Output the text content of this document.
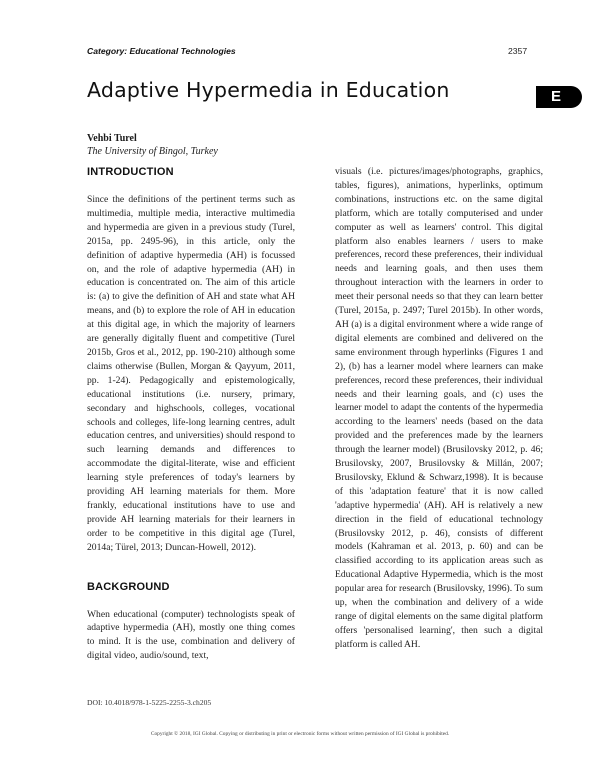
Category: Educational Technologies	2357
Adaptive Hypermedia in Education	E
Vehbi Turel
The University of Bingol, Turkey
INTRODUCTION

Since the definitions of the pertinent terms such as multimedia, multiple media, interactive multimedia and hypermedia are given in a previous study (Turel, 2015a, pp. 2495-96), in this article, only the definition of adaptive hypermedia (AH) is focussed on, and the role of adaptive hypermedia (AH) in education is concentrated on. The aim of this article is: (a) to give the definition of AH and state what AH means, and (b) to explore the role of AH in education at this digital age, in which the majority of learners are generally digitally fluent and competitive (Turel 2015b, Gros et al., 2012, pp. 190-210) although some claims otherwise (Bullen, Morgan & Qayyum, 2011, pp. 1-24). Pedagogically and epistemologically, educational institutions (i.e. nursery, primary, secondary and highschools, colleges, vocational schools and colleges, life-long learning centres, adult education centres, and universities) should respond to such learning demands and differences to accommodate the digital-literate, wise and efficient learning style preferences of today's learners by providing AH learning materials for them. More frankly, educational institutions have to use and provide AH learning materials for their learners in order to be competitive in this digital age (Turel, 2014a; Türel, 2013; Duncan-Howell, 2012).

BACKGROUND

When educational (computer) technologists speak of adaptive hypermedia (AH), mostly one thing comes to mind. It is the use, combination and delivery of digital video, audio/sound, text,

visuals (i.e. pictures/images/photographs, graphics, tables, figures), animations, hyperlinks, optimum combinations, instructions etc. on the same digital platform, which are totally computerised and under computer as well as learners' control. This digital platform also enables learners / users to make preferences, record these preferences, their individual needs and learning goals, and then uses them throughout interaction with the learners in order to meet their personal needs so that they can learn better (Turel, 2015a, p. 2497; Turel 2015b). In other words, AH (a) is a digital environment where a wide range of digital elements are combined and delivered on the same environment through hyperlinks (Figures 1 and 2), (b) has a learner model where learners can make preferences, record these preferences, their individual needs and their learning goals, and (c) uses the learner model to adapt the contents of the hypermedia according to the learners' needs (based on the data provided and the preferences made by the learners through the learner model) (Brusilovsky 2012, p. 46; Brusilovsky, 2007, Brusilovsky & Millán, 2007; Brusilovsky, Eklund & Schwarz,1998). It is because of this 'adaptation feature' that it is now called 'adaptive hypermedia' (AH). AH is relatively a new direction in the field of educational technology (Brusilovsky 2012, p. 46), consists of different models (Kahraman et al. 2013, p. 60) and can be classified according to its application areas such as Educational Adaptive Hypermedia, which is the most popular area for research (Brusilovsky, 1996). To sum up, when the combination and delivery of a wide range of digital elements on the same digital platform offers 'personalised learning', then such a digital platform is called AH.

DOI: 10.4018/978-1-5225-2255-3.ch205
Copyright © 2018, IGI Global. Copying or distributing in print or electronic forms without written permission of IGI Global is prohibited.
